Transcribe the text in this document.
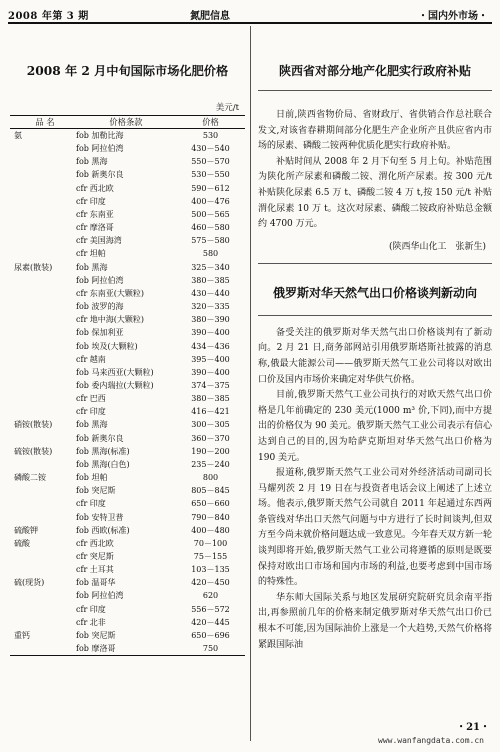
2008 年第 3 期	氮肥信息	・国内外市场・
2008 年 2 月中旬国际市场化肥价格
美元/t
品 名	价格条款	价格
氨	fob 加勒比海	530
	fob 阿拉伯湾	430－540
	fob 黑海	550－570
	fob 新奥尔良	530－550
	cfr 西北欧	590－612
	cfr 印度	400－476
	cfr 东南亚	500－565
	cfr 摩洛哥	460－580
	cfr 美国海湾	575－580
	cfr 坦帕	580
尿素(散装)	fob 黑海	325－340
	fob 阿拉伯湾	380－385
	cfr 东南亚(大颗粒)	430－440
	fob 波罗的海	320－335
	cfr 地中海(大颗粒)	380－390
	fob 保加利亚	390－400
	fob 埃及(大颗粒)	434－436
	cfr 越南	395－400
	fob 马来西亚(大颗粒)	390－400
	fob 委内瑞拉(大颗粒)	374－375
	cfr 巴西	380－385
	cfr 印度	416－421
硝铵(散装)	fob 黑海	300－305
	fob 新奥尔良	360－370
硫铵(散装)	fob 黑海(标准)	190－200
	fob 黑海(白色)	235－240
磷酸二铵	fob 坦帕	800
	fob 突尼斯	805－845
	cfr 印度	650－660
	fob 安特卫普	790－840
硫酸钾	fob 西欧(标准)	400－480
硫酸	cfr 西北欧	70－100
	cfr 突尼斯	75－155
	cfr 土耳其	103－135
硫(现货)	fob 温哥华	420－450
	fob 阿拉伯湾	620
	cfr 印度	556－572
	cfr 北非	420－445
重钙	fob 突尼斯	650－696
	fob 摩洛哥	750
陕西省对部分地产化肥实行政府补贴

日前,陕西省物价局、省财政厅、省供销合作总社联合发文,对该省春耕期间部分化肥生产企业所产且供应省内市场的尿素、磷酸二铵两种优质化肥实行政府补贴。

补贴时间从 2008 年 2 月下旬至 5 月上旬。补贴范围为陕化所产尿素和磷酸二铵、渭化所产尿素。按 300 元/t 补贴陕化尿素 6.5 万 t、磷酸二铵 4 万 t,按 150 元/t 补贴渭化尿素 10 万 t。这次对尿素、磷酸二铵政府补贴总金额约 4700 万元。

(陕西华山化工　张新生)
俄罗斯对华天然气出口价格谈判新动向

备受关注的俄罗斯对华天然气出口价格谈判有了新动向。2 月 21 日,商务部网站引用俄罗斯塔斯社披露的消息称,俄最大能源公司——俄罗斯天然气工业公司将以对欧出口价及国内市场价来确定对华供气价格。

目前,俄罗斯天然气工业公司执行的对欧天然气出口价格是几年前确定的 230 美元(1000 m³ 价,下同),而中方提出的价格仅为 90 美元。俄罗斯天然气工业公司表示有信心达到自己的目的,因为哈萨克斯坦对华天然气出口价格为 190 美元。

报道称,俄罗斯天然气工业公司对外经济活动司副司长马耀列茨 2 月 19 日在与投资者电话会议上阐述了上述立场。他表示,俄罗斯天然气公司就自 2011 年起通过东西两条管线对华出口天然气问题与中方进行了长时间谈判,但双方至今尚未就价格问题达成一致意见。今年春天双方新一轮谈判即将开始,俄罗斯天然气工业公司将遵循的原则是既要保持对欧出口市场和国内市场的利益,也要考虑到中国市场的特殊性。

华东师大国际关系与地区发展研究院研究员余南平指出,再参照前几年的价格来制定俄罗斯对华天然气出口价已根本不可能,因为国际油价上涨是一个大趋势,天然气价格将紧跟国际油

・21・
www.wanfangdata.com.cn
